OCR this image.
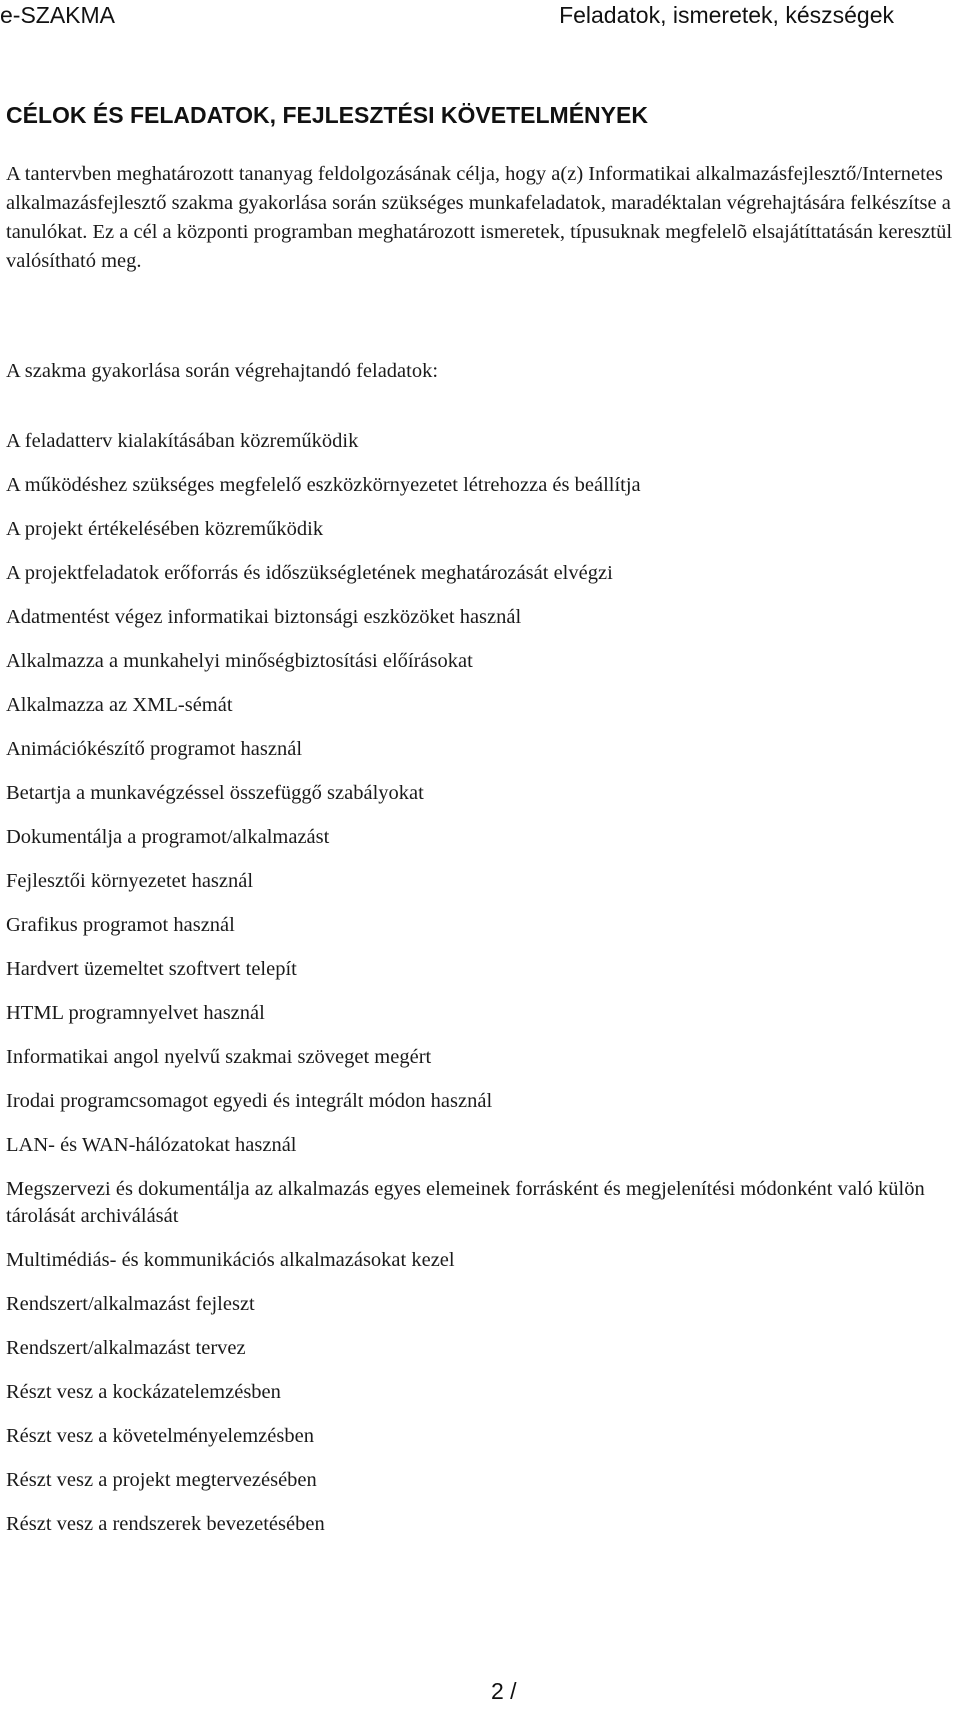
e-SZAKMA	Feladatok, ismeretek, készségek
CÉLOK ÉS FELADATOK, FEJLESZTÉSI KÖVETELMÉNYEK

A tantervben meghatározott tananyag feldolgozásának célja, hogy a(z) Informatikai alkalmazásfejlesztő/Internetes alkalmazásfejlesztő szakma gyakorlása során szükséges munkafeladatok, maradéktalan végrehajtására felkészítse a tanulókat. Ez a cél a központi programban meghatározott ismeretek, típusuknak megfelelõ elsajátíttatásán keresztül valósítható meg.

A szakma gyakorlása során végrehajtandó feladatok:

A feladatterv kialakításában közreműködik
A működéshez szükséges megfelelő eszközkörnyezetet létrehozza és beállítja
A projekt értékelésében közreműködik
A projektfeladatok erőforrás és időszükségletének meghatározását elvégzi
Adatmentést végez informatikai biztonsági eszközöket használ
Alkalmazza a munkahelyi minőségbiztosítási előírásokat
Alkalmazza az XML-sémát
Animációkészítő programot használ
Betartja a munkavégzéssel összefüggő szabályokat
Dokumentálja a programot/alkalmazást
Fejlesztői környezetet használ
Grafikus programot használ
Hardvert üzemeltet szoftvert telepít
HTML programnyelvet használ
Informatikai angol nyelvű szakmai szöveget megért
Irodai programcsomagot egyedi és integrált módon használ
LAN- és WAN-hálózatokat használ
Megszervezi és dokumentálja az alkalmazás egyes elemeinek forrásként és megjelenítési módonként való külön tárolását archiválását
Multimédiás- és kommunikációs alkalmazásokat kezel
Rendszert/alkalmazást fejleszt
Rendszert/alkalmazást tervez
Részt vesz a kockázatelemzésben
Részt vesz a követelményelemzésben
Részt vesz a projekt megtervezésében
Részt vesz a rendszerek bevezetésében
2 /
